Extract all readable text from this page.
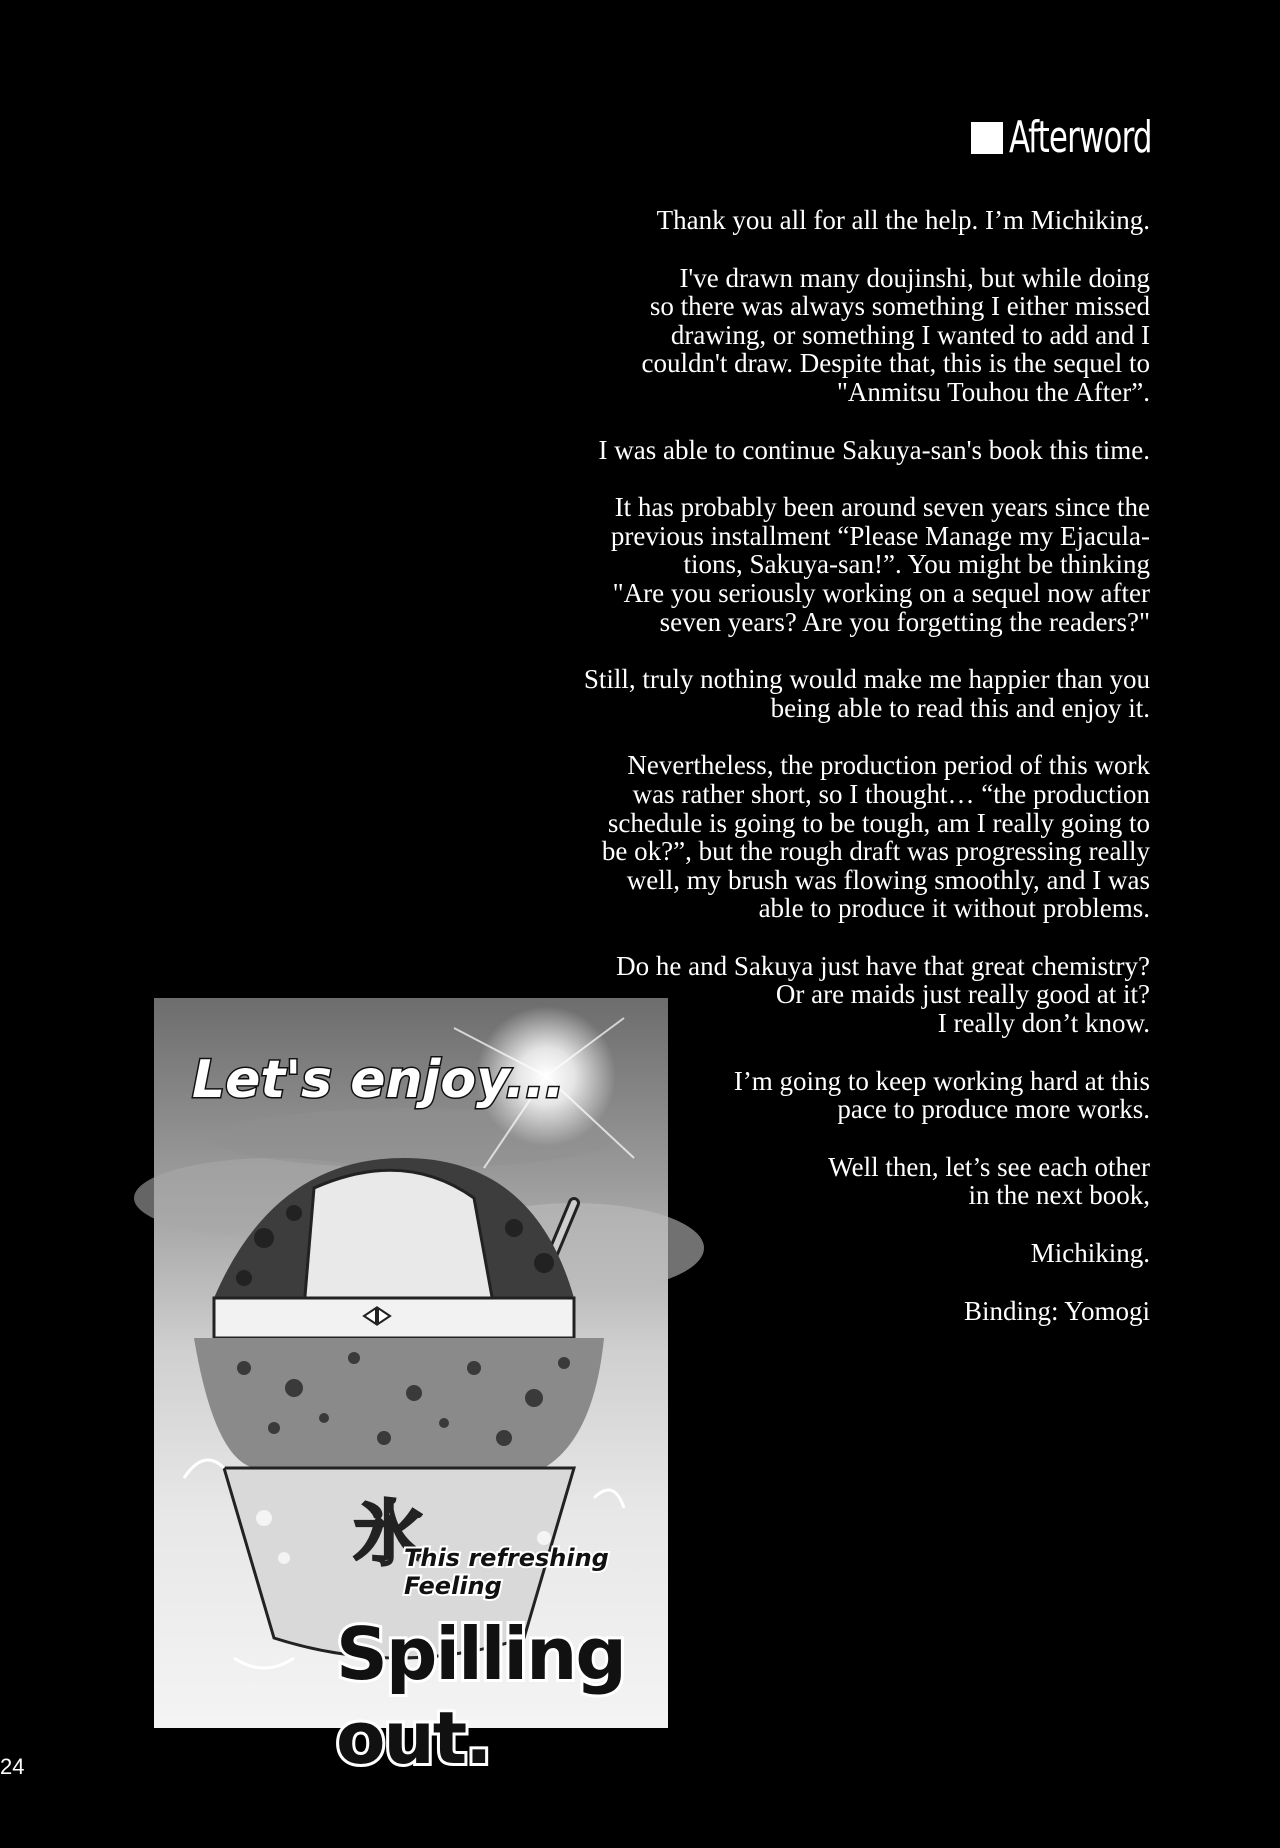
Afterword

Thank you all for all the help. I’m Michiking.

I've drawn many doujinshi, but while doing
so there was always something I either missed
drawing, or something I wanted to add and I
couldn't draw. Despite that, this is the sequel to
"Anmitsu Touhou the After”.

I was able to continue Sakuya-san's book this time.

It has probably been around seven years since the
previous installment “Please Manage my Ejacula-
tions, Sakuya-san!”. You might be thinking
"Are you seriously working on a sequel now after
seven years? Are you forgetting the readers?"

Still, truly nothing would make me happier than you
being able to read this and enjoy it.

Nevertheless, the production period of this work
was rather short, so I thought… “the production
schedule is going to be tough, am I really going to
be ok?”, but the rough draft was progressing really
well, my brush was flowing smoothly, and I was
able to produce it without problems.

Do he and Sakuya just have that great chemistry?
Or are maids just really good at it?
I really don’t know.

I’m going to keep working hard at this
pace to produce more works.

Well then, let’s see each other
in the next book,

Michiking.

Binding: Yomogi

氷
Let's enjoy...
This refreshing Feeling
Spilling out.
24
